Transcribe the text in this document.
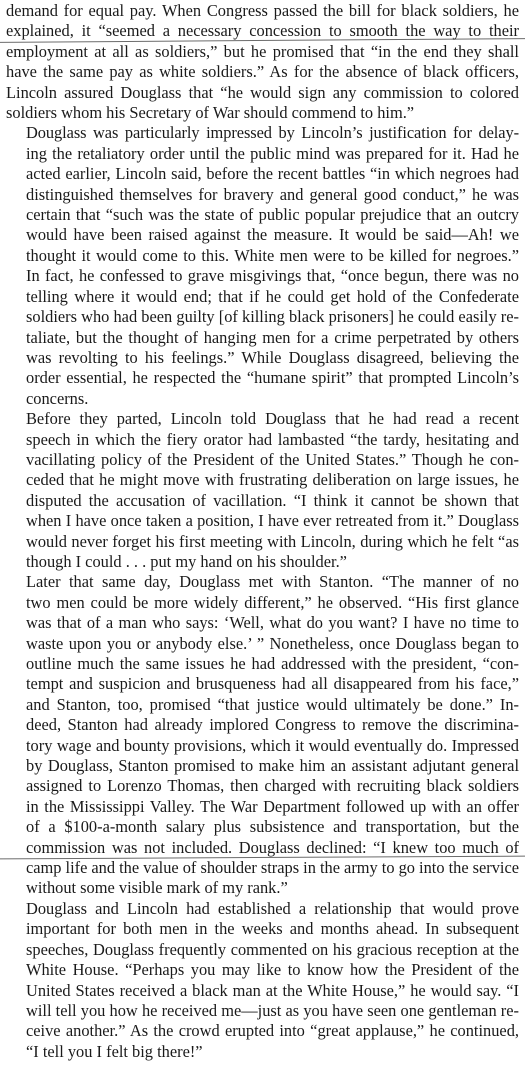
demand for equal pay. When Congress passed the bill for black soldiers, he
explained, it “seemed a necessary concession to smooth the way to their
employment at all as soldiers,” but he promised that “in the end they shall
have the same pay as white soldiers.” As for the absence of black officers,
Lincoln assured Douglass that “he would sign any commission to colored
soldiers whom his Secretary of War should commend to him.”

Douglass was particularly impressed by Lincoln’s justification for delay-
ing the retaliatory order until the public mind was prepared for it. Had he
acted earlier, Lincoln said, before the recent battles “in which negroes had
distinguished themselves for bravery and general good conduct,” he was
certain that “such was the state of public popular prejudice that an outcry
would have been raised against the measure. It would be said—Ah! we
thought it would come to this. White men were to be killed for negroes.”
In fact, he confessed to grave misgivings that, “once begun, there was no
telling where it would end; that if he could get hold of the Confederate
soldiers who had been guilty [of killing black prisoners] he could easily re-
taliate, but the thought of hanging men for a crime perpetrated by others
was revolting to his feelings.” While Douglass disagreed, believing the
order essential, he respected the “humane spirit” that prompted Lincoln’s
concerns.

Before they parted, Lincoln told Douglass that he had read a recent
speech in which the fiery orator had lambasted “the tardy, hesitating and
vacillating policy of the President of the United States.” Though he con-
ceded that he might move with frustrating deliberation on large issues, he
disputed the accusation of vacillation. “I think it cannot be shown that
when I have once taken a position, I have ever retreated from it.” Douglass
would never forget his first meeting with Lincoln, during which he felt “as
though I could . . . put my hand on his shoulder.”

Later that same day, Douglass met with Stanton. “The manner of no
two men could be more widely different,” he observed. “His first glance
was that of a man who says: ‘Well, what do you want? I have no time to
waste upon you or anybody else.’ ” Nonetheless, once Douglass began to
outline much the same issues he had addressed with the president, “con-
tempt and suspicion and brusqueness had all disappeared from his face,”
and Stanton, too, promised “that justice would ultimately be done.” In-
deed, Stanton had already implored Congress to remove the discrimina-
tory wage and bounty provisions, which it would eventually do. Impressed
by Douglass, Stanton promised to make him an assistant adjutant general
assigned to Lorenzo Thomas, then charged with recruiting black soldiers
in the Mississippi Valley. The War Department followed up with an offer
of a $100-a-month salary plus subsistence and transportation, but the
commission was not included. Douglass declined: “I knew too much of
camp life and the value of shoulder straps in the army to go into the service
without some visible mark of my rank.”

Douglass and Lincoln had established a relationship that would prove
important for both men in the weeks and months ahead. In subsequent
speeches, Douglass frequently commented on his gracious reception at the
White House. “Perhaps you may like to know how the President of the
United States received a black man at the White House,” he would say. “I
will tell you how he received me—just as you have seen one gentleman re-
ceive another.” As the crowd erupted into “great applause,” he continued,
“I tell you I felt big there!”
